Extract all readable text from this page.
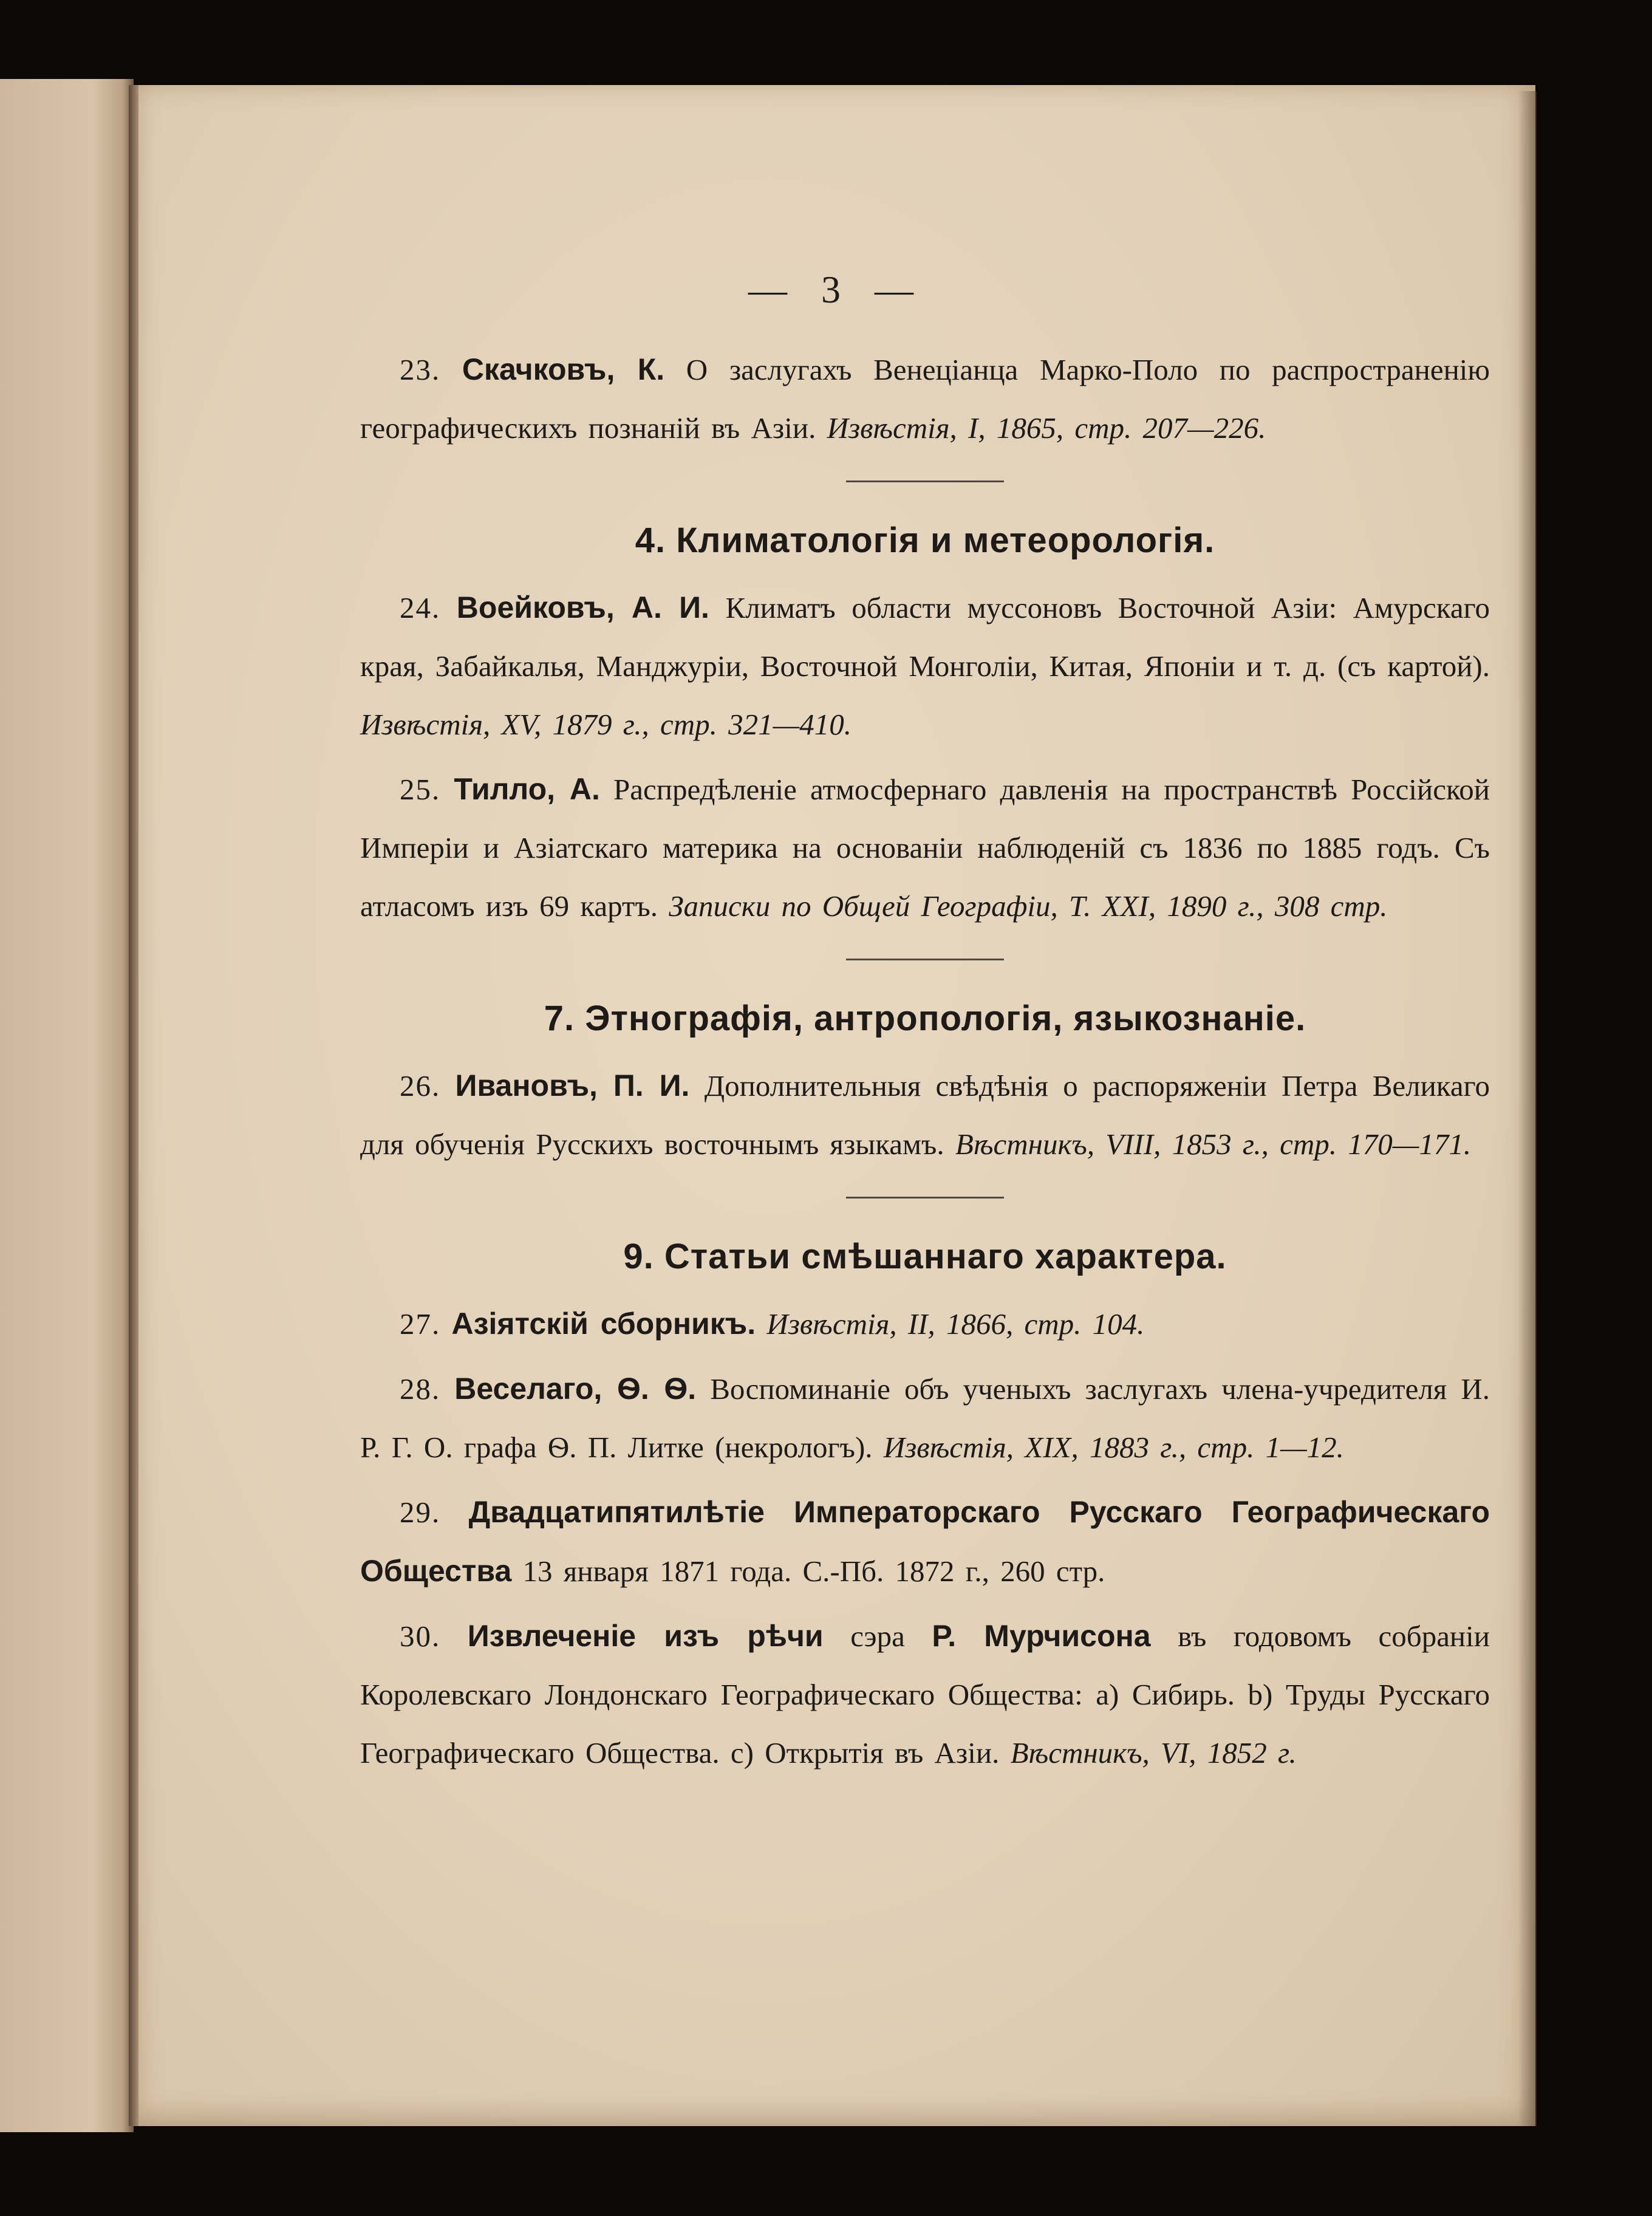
— 3 —

23. Скачковъ, К. О заслугахъ Венеціанца Марко-Поло по распространенію географическихъ познаній въ Азіи. Извѣстія, I, 1865, стр. 207—226.

4. Климатологія и метеорологія.

24. Воейковъ, А. И. Климатъ области муссоновъ Восточной Азіи: Амурскаго края, Забайкалья, Манджуріи, Восточной Монголіи, Китая, Японіи и т. д. (съ картой). Извѣстія, XV, 1879 г., стр. 321—410.

25. Тилло, А. Распредѣленіе атмосфернаго давленія на пространствѣ Россійской Имперіи и Азіатскаго материка на основаніи наблюденій съ 1836 по 1885 годъ. Съ атласомъ изъ 69 картъ. Записки по Общей Географіи, Т. XXI, 1890 г., 308 стр.

7. Этнографія, антропологія, языкознаніе.

26. Ивановъ, П. И. Дополнительныя свѣдѣнія о распоряженіи Петра Великаго для обученія Русскихъ восточнымъ языкамъ. Вѣстникъ, VIII, 1853 г., стр. 170—171.

9. Статьи смѣшаннаго характера.

27. Азіятскій сборникъ. Извѣстія, II, 1866, стр. 104.

28. Веселаго, Ѳ. Ѳ. Воспоминаніе объ ученыхъ заслугахъ члена-учредителя И. Р. Г. О. графа Ѳ. П. Литке (некрологъ). Извѣстія, XIX, 1883 г., стр. 1—12.

29. Двадцатипятилѣтіе Императорскаго Русскаго Географическаго Общества 13 января 1871 года. С.-Пб. 1872 г., 260 стр.

30. Извлеченіе изъ рѣчи сэра Р. Мурчисона въ годовомъ собраніи Королевскаго Лондонскаго Географическаго Общества: а) Сибирь. b) Труды Русскаго Географическаго Общества. с) Открытія въ Азіи. Вѣстникъ, VI, 1852 г.
